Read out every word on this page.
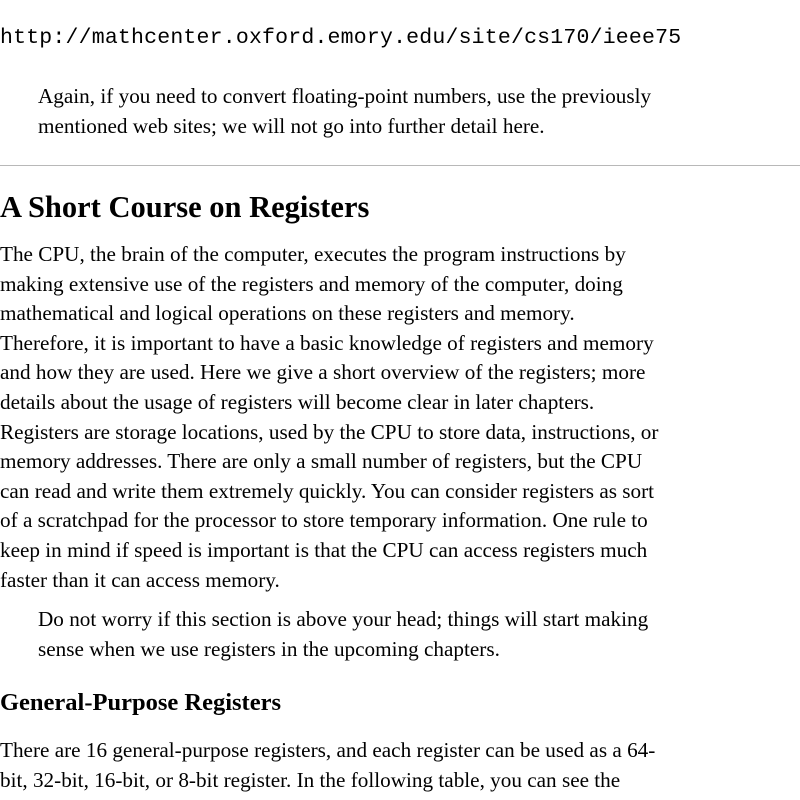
http://mathcenter.oxford.emory.edu/site/cs170/ieee75

Again, if you need to convert floating-point numbers, use the previously
mentioned web sites; we will not go into further detail here.

A Short Course on Registers

The CPU, the brain of the computer, executes the program instructions by
making extensive use of the registers and memory of the computer, doing
mathematical and logical operations on these registers and memory.
Therefore, it is important to have a basic knowledge of registers and memory
and how they are used. Here we give a short overview of the registers; more
details about the usage of registers will become clear in later chapters.
Registers are storage locations, used by the CPU to store data, instructions, or
memory addresses. There are only a small number of registers, but the CPU
can read and write them extremely quickly. You can consider registers as sort
of a scratchpad for the processor to store temporary information. One rule to
keep in mind if speed is important is that the CPU can access registers much
faster than it can access memory.

Do not worry if this section is above your head; things will start making
sense when we use registers in the upcoming chapters.

General-Purpose Registers

There are 16 general-purpose registers, and each register can be used as a 64-
bit, 32-bit, 16-bit, or 8-bit register. In the following table, you can see the
